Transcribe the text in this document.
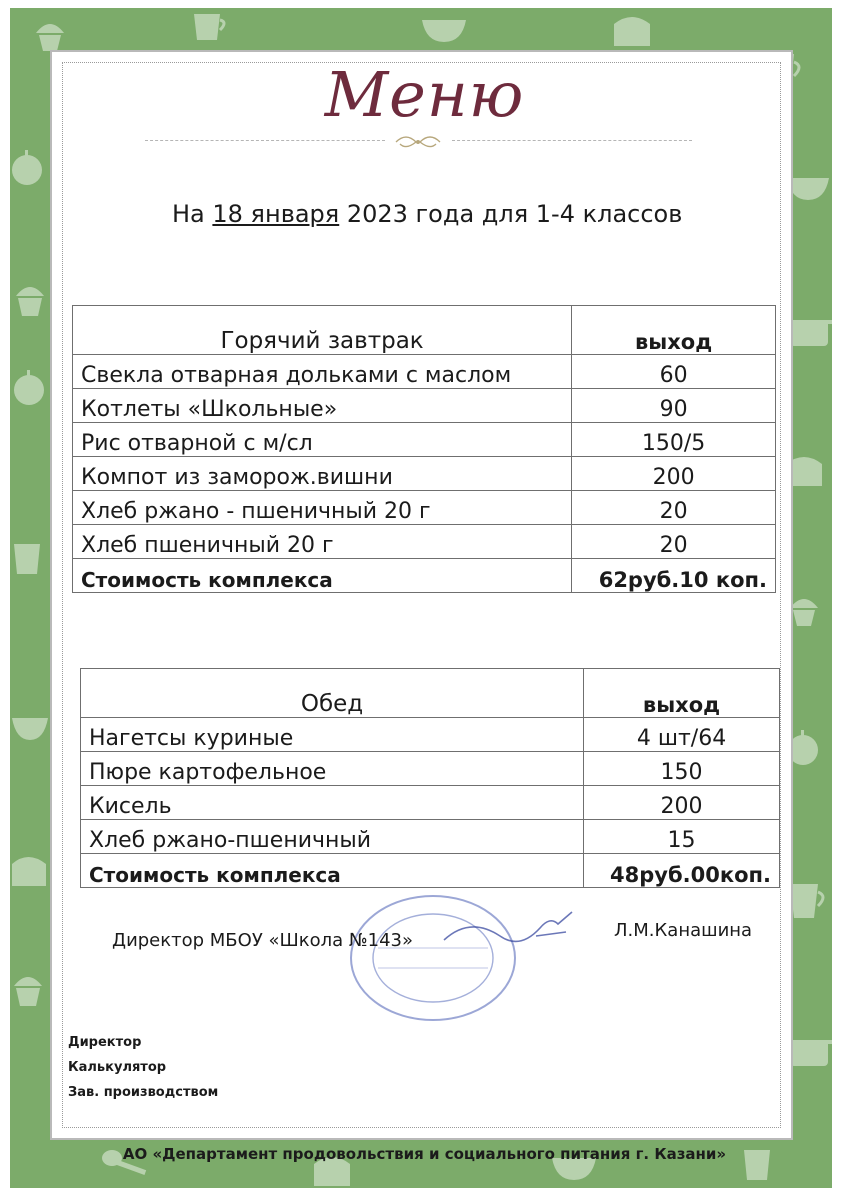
Меню
На 18 января 2023 года для 1-4 классов
Горячий завтрак	выход
Свекла отварная дольками с маслом	60
Котлеты «Школьные»	90
Рис отварной с м/сл	150/5
Компот из заморож.вишни	200
Хлеб ржано - пшеничный 20 г	20
Хлеб пшеничный 20 г	20
Стоимость комплекса	62руб.10 коп.
Обед	выход
Нагетсы куриные	4 шт/64
Пюре картофельное	150
Кисель	200
Хлеб ржано-пшеничный	15
Стоимость комплекса	48руб.00коп.
Директор МБОУ «Школа №143»	Л.М.Канашина
Директор
Калькулятор
Зав. производством
АО «Департамент продовольствия и социального питания г. Казани»
